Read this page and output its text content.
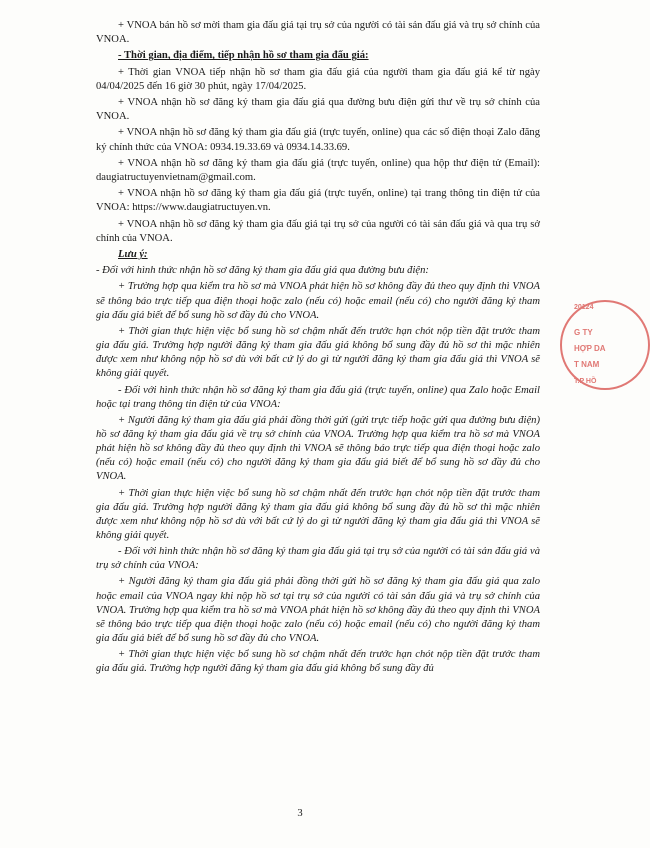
+ VNOA bán hồ sơ mời tham gia đấu giá tại trụ sở của người có tài sản đấu giá và trụ sở chính của VNOA.

- Thời gian, địa điểm, tiếp nhận hồ sơ tham gia đấu giá:

+ Thời gian VNOA tiếp nhận hồ sơ tham gia đấu giá của người tham gia đấu giá kể từ ngày 04/04/2025 đến 16 giờ 30 phút, ngày 17/04/2025.

+ VNOA nhận hồ sơ đăng ký tham gia đấu giá qua đường bưu điện gửi thư về trụ sở chính của VNOA.

+ VNOA nhận hồ sơ đăng ký tham gia đấu giá (trực tuyến, online) qua các số điện thoại Zalo đăng ký chính thức của VNOA: 0934.19.33.69 và 0934.14.33.69.

+ VNOA nhận hồ sơ đăng ký tham gia đấu giá (trực tuyến, online) qua hộp thư điện tử (Email): daugiatructuyenvietnam@gmail.com.

+ VNOA nhận hồ sơ đăng ký tham gia đấu giá (trực tuyến, online) tại trang thông tin điện tử của VNOA: https://www.daugiatructuyen.vn.

+ VNOA nhận hồ sơ đăng ký tham gia đấu giá tại trụ sở của người có tài sản đấu giá và qua trụ sở chính của VNOA.

Lưu ý:

- Đối với hình thức nhận hồ sơ đăng ký tham gia đấu giá qua đường bưu điện:

+ Trường hợp qua kiểm tra hồ sơ mà VNOA phát hiện hồ sơ không đầy đủ theo quy định thì VNOA sẽ thông báo trực tiếp qua điện thoại hoặc zalo (nếu có) hoặc email (nếu có) cho người đăng ký tham gia đấu giá biết để bổ sung hồ sơ đầy đủ cho VNOA.

+ Thời gian thực hiện việc bổ sung hồ sơ chậm nhất đến trước hạn chót nộp tiền đặt trước tham gia đấu giá. Trường hợp người đăng ký tham gia đấu giá không bổ sung đầy đủ hồ sơ thì mặc nhiên được xem như không nộp hồ sơ dù với bất cứ lý do gì từ người đăng ký tham gia đấu giá thì VNOA sẽ không giải quyết.

- Đối với hình thức nhận hồ sơ đăng ký tham gia đấu giá (trực tuyến, online) qua Zalo hoặc Email hoặc tại trang thông tin điện tử của VNOA:

+ Người đăng ký tham gia đấu giá phải đồng thời gửi (gửi trực tiếp hoặc gửi qua đường bưu điện) hồ sơ đăng ký tham gia đấu giá về trụ sở chính của VNOA. Trường hợp qua kiểm tra hồ sơ mà VNOA phát hiện hồ sơ không đầy đủ theo quy định thì VNOA sẽ thông báo trực tiếp qua điện thoại hoặc zalo (nếu có) hoặc email (nếu có) cho người đăng ký tham gia đấu giá biết để bổ sung hồ sơ đầy đủ cho VNOA.

+ Thời gian thực hiện việc bổ sung hồ sơ chậm nhất đến trước hạn chót nộp tiền đặt trước tham gia đấu giá. Trường hợp người đăng ký tham gia đấu giá không bổ sung đầy đủ hồ sơ thì mặc nhiên được xem như không nộp hồ sơ dù với bất cứ lý do gì từ người đăng ký tham gia đấu giá thì VNOA sẽ không giải quyết.

- Đối với hình thức nhận hồ sơ đăng ký tham gia đấu giá tại trụ sở của người có tài sản đấu giá và trụ sở chính của VNOA:

+ Người đăng ký tham gia đấu giá phải đồng thời gửi hồ sơ đăng ký tham gia đấu giá qua zalo hoặc email của VNOA ngay khi nộp hồ sơ tại trụ sở của người có tài sản đấu giá và trụ sở chính của VNOA. Trường hợp qua kiểm tra hồ sơ mà VNOA phát hiện hồ sơ không đầy đủ theo quy định thì VNOA sẽ thông báo trực tiếp qua điện thoại hoặc zalo (nếu có) hoặc email (nếu có) cho người đăng ký tham gia đấu giá biết để bổ sung hồ sơ đầy đủ cho VNOA.

+ Thời gian thực hiện việc bổ sung hồ sơ chậm nhất đến trước hạn chót nộp tiền đặt trước tham gia đấu giá. Trường hợp người đăng ký tham gia đấu giá không bổ sung đầy đủ

20124
G TY
HỢP DA
T NAM
T.P HỒ
3
